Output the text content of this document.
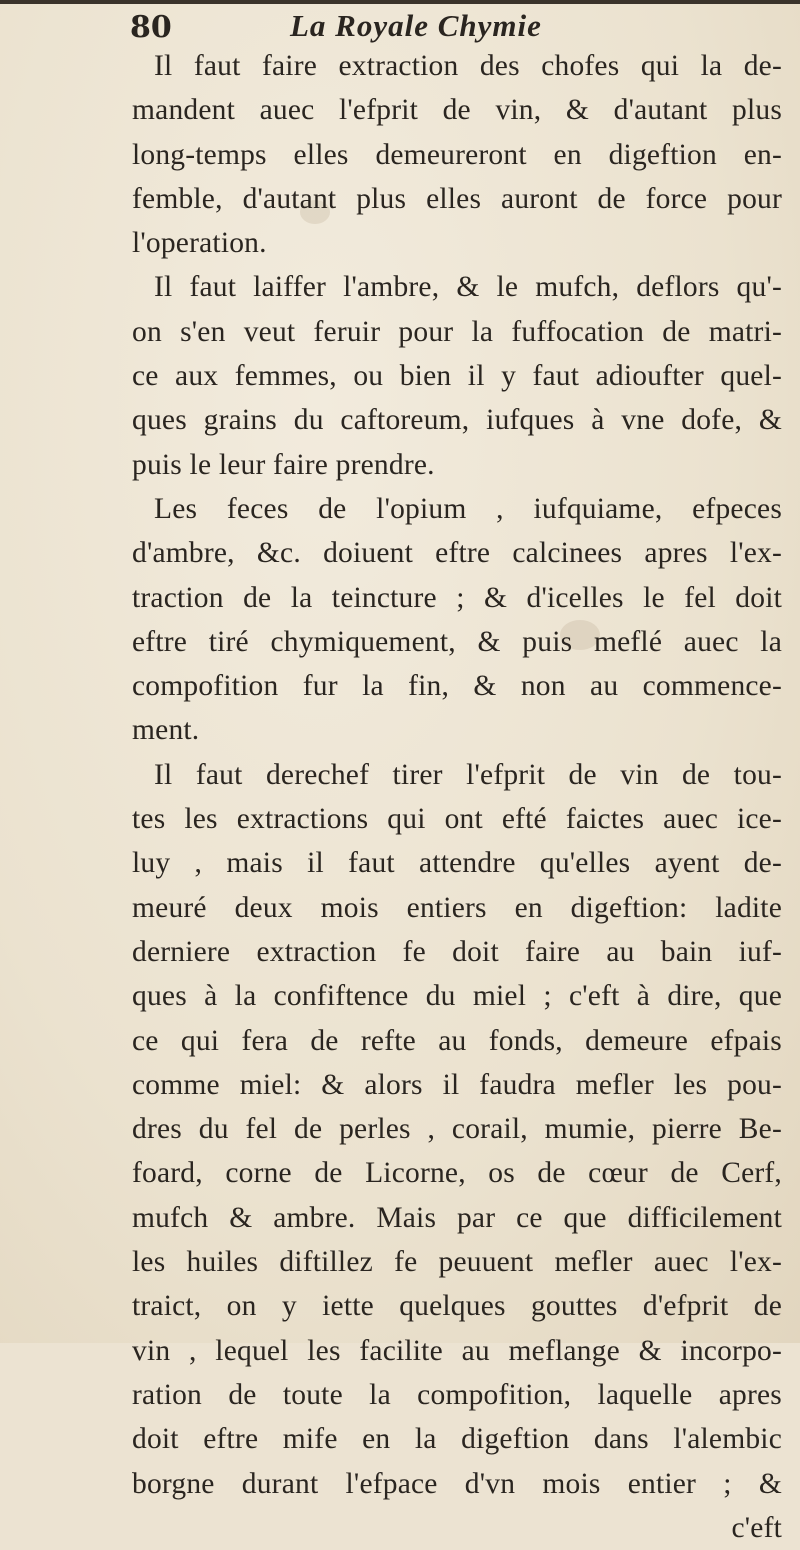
80	La Royale Chymie
Il faut faire extraction des chofes qui la de-
mandent auec l'efprit de vin, & d'autant plus
long-temps elles demeureront en digeftion en-
femble, d'autant plus elles auront de force pour
l'operation.
Il faut laiffer l'ambre, & le mufch, deflors qu'-
on s'en veut feruir pour la fuffocation de matri-
ce aux femmes, ou bien il y faut adioufter quel-
ques grains du caftoreum, iufques à vne dofe, &
puis le leur faire prendre.
Les feces de l'opium , iufquiame, efpeces
d'ambre, &c. doiuent eftre calcinees apres l'ex-
traction de la teincture ; & d'icelles le fel doit
eftre tiré chymiquement, & puis meflé auec la
compofition fur la fin, & non au commence-
ment.
Il faut derechef tirer l'efprit de vin de tou-
tes les extractions qui ont efté faictes auec ice-
luy , mais il faut attendre qu'elles ayent de-
meuré deux mois entiers en digeftion: ladite
derniere extraction fe doit faire au bain iuf-
ques à la confiftence du miel ; c'eft à dire, que
ce qui fera de refte au fonds, demeure efpais
comme miel: & alors il faudra mefler les pou-
dres du fel de perles , corail, mumie, pierre Be-
foard, corne de Licorne, os de cœur de Cerf,
mufch & ambre. Mais par ce que difficilement
les huiles diftillez fe peuuent mefler auec l'ex-
traict, on y iette quelques gouttes d'efprit de
vin , lequel les facilite au meflange & incorpo-
ration de toute la compofition, laquelle apres
doit eftre mife en la digeftion dans l'alembic
borgne durant l'efpace d'vn mois entier ; &
c'eft
